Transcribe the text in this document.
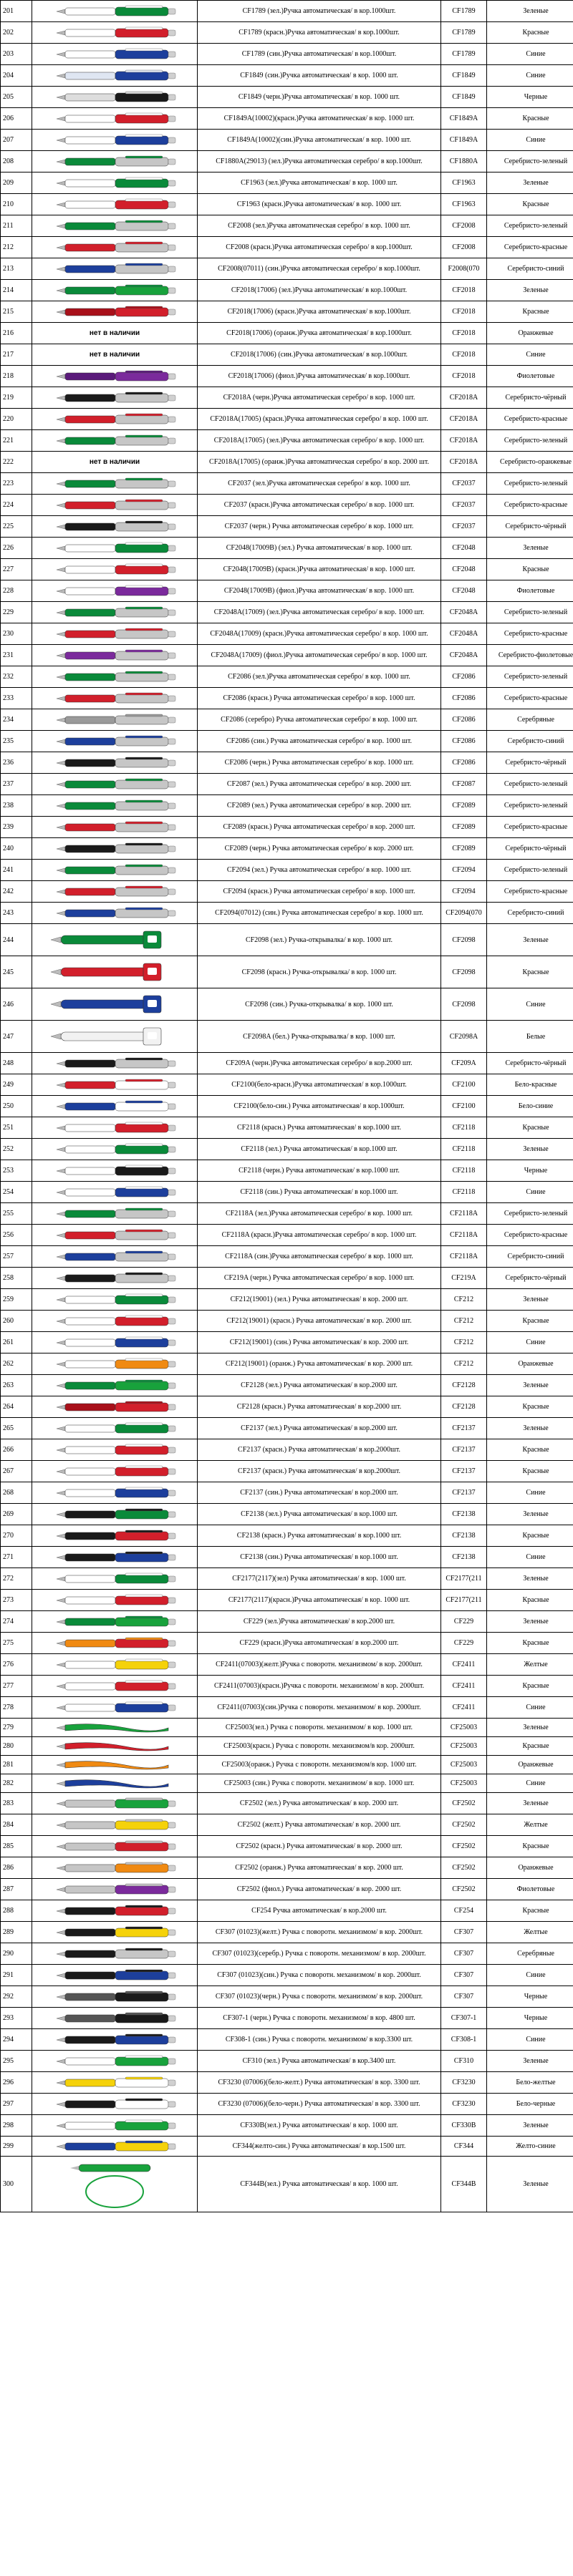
201		CF1789 (зел.)Ручка автоматическая/ в кор.1000шт.	CF1789	Зеленые
202		CF1789 (красн.)Ручка автоматическая/ в кор.1000шт.	CF1789	Красные
203		CF1789 (син.)Ручка автоматическая/ в кор.1000шт.	CF1789	Синие
204		CF1849 (син.)Ручка автоматическая/ в кор. 1000 шт.	CF1849	Синие
205		CF1849 (черн.)Ручка автоматическая/ в кор. 1000 шт.	CF1849	Черные
206		CF1849A(10002)(красн.)Ручка автоматическая/ в кор. 1000 шт.	CF1849A	Красные
207		CF1849A(10002)(син.)Ручка автоматическая/ в кор. 1000 шт.	CF1849A	Синие
208		CF1880A(29013) (зел.)Ручка автоматическая серебро/ в кор.1000шт.	CF1880A	Серебристо-зеленый
209		CF1963 (зел.)Ручка автоматическая/ в кор. 1000 шт.	CF1963	Зеленые
210		CF1963 (красн.)Ручка автоматическая/ в кор. 1000 шт.	CF1963	Красные
211		CF2008 (зел.)Ручка автоматическая серебро/ в кор. 1000 шт.	CF2008	Серебристо-зеленый
212		CF2008 (красн.)Ручка автоматическая серебро/ в кор.1000шт.	CF2008	Серебристо-красные
213		CF2008(07011) (син.)Ручка автоматическая серебро/ в кор.1000шт.	F2008(070	Серебристо-синий
214		CF2018(17006) (зел.)Ручка автоматическая/ в кор.1000шт.	CF2018	Зеленые
215		CF2018(17006) (красн.)Ручка автоматическая/ в кор.1000шт.	CF2018	Красные
216	нет в наличии	CF2018(17006) (оранж.)Ручка автоматическая/ в кор.1000шт.	CF2018	Оранжевые
217	нет в наличии	CF2018(17006) (син.)Ручка автоматическая/ в кор.1000шт.	CF2018	Синие
218		CF2018(17006) (фиол.)Ручка автоматическая/ в кор.1000шт.	CF2018	Фиолетовые
219		CF2018A (черн.)Ручка автоматическая серебро/ в кор. 1000 шт.	CF2018A	Серебристо-чёрный
220		CF2018A(17005) (красн.)Ручка автоматическая серебро/ в кор. 1000 шт.	CF2018A	Серебристо-красные
221		CF2018A(17005) (зел.)Ручка автоматическая серебро/ в кор. 1000 шт.	CF2018A	Серебристо-зеленый
222	нет в наличии	CF2018A(17005) (оранж.)Ручка автоматическая серебро/ в кор. 2000 шт.	CF2018A	Серебристо-оранжевые
223		CF2037 (зел.)Ручка автоматическая серебро/ в кор. 1000 шт.	CF2037	Серебристо-зеленый
224		CF2037 (красн.)Ручка автоматическая серебро/ в кор. 1000 шт.	CF2037	Серебристо-красные
225		CF2037 (черн.) Ручка автоматическая серебро/ в кор. 1000 шт.	CF2037	Серебристо-чёрный
226		CF2048(17009B) (зел.) Ручка автоматическая/ в кор. 1000 шт.	CF2048	Зеленые
227		CF2048(17009B) (красн.)Ручка автоматическая/ в кор. 1000 шт.	CF2048	Красные
228		CF2048(17009B) (фиол.)Ручка автоматическая/ в кор. 1000 шт.	CF2048	Фиолетовые
229		CF2048A(17009) (зел.)Ручка автоматическая серебро/ в кор. 1000 шт.	CF2048A	Серебристо-зеленый
230		CF2048A(17009) (красн.)Ручка автоматическая серебро/ в кор. 1000 шт.	CF2048A	Серебристо-красные
231		CF2048A(17009) (фиол.)Ручка автоматическая серебро/ в кор. 1000 шт.	CF2048A	Серебристо-фиолетовые
232		CF2086 (зел.)Ручка автоматическая серебро/ в кор. 1000 шт.	CF2086	Серебристо-зеленый
233		CF2086 (красн.) Ручка автоматическая серебро/ в кор. 1000 шт.	CF2086	Серебристо-красные
234		CF2086 (серебро) Ручка автоматическая серебро/ в кор. 1000 шт.	CF2086	Серебряные
235		CF2086 (син.) Ручка автоматическая серебро/ в кор. 1000 шт.	CF2086	Серебристо-синий
236		CF2086 (черн.) Ручка автоматическая серебро/ в кор. 1000 шт.	CF2086	Серебристо-чёрный
237		CF2087 (зел.) Ручка автоматическая серебро/ в кор. 2000 шт.	CF2087	Серебристо-зеленый
238		CF2089 (зел.) Ручка автоматическая серебро/ в кор. 2000 шт.	CF2089	Серебристо-зеленый
239		CF2089 (красн.) Ручка автоматическая серебро/ в кор. 2000 шт.	CF2089	Серебристо-красные
240		CF2089 (черн.) Ручка автоматическая серебро/ в кор. 2000 шт.	CF2089	Серебристо-чёрный
241		CF2094 (зел.) Ручка автоматическая серебро/ в кор. 1000 шт.	CF2094	Серебристо-зеленый
242		CF2094 (красн.) Ручка автоматическая серебро/ в кор. 1000 шт.	CF2094	Серебристо-красные
243		CF2094(07012) (син.) Ручка автоматическая серебро/ в кор. 1000 шт.	CF2094(070	Серебристо-синий
244		CF2098 (зел.) Ручка-открывалка/ в кор. 1000 шт.	CF2098	Зеленые
245		CF2098 (красн.) Ручка-открывалка/ в кор. 1000 шт.	CF2098	Красные
246		CF2098 (син.) Ручка-открывалка/ в кор. 1000 шт.	CF2098	Синие
247		CF2098A (бел.) Ручка-открывалка/ в кор. 1000 шт.	CF2098A	Белые
248		CF209A (черн.)Ручка автоматическая серебро/ в кор.2000 шт.	CF209A	Серебристо-чёрный
249		CF2100(бело-красн.)Ручка автоматическая/ в кор.1000шт.	CF2100	Бело-красные
250		CF2100(бело-син.) Ручка автоматическая/ в кор.1000шт.	CF2100	Бело-синие
251		CF2118 (красн.) Ручка автоматическая/ в кор.1000 шт.	CF2118	Красные
252		CF2118 (зел.) Ручка автоматическая/ в кор.1000 шт.	CF2118	Зеленые
253		CF2118 (черн.) Ручка автоматическая/ в кор.1000 шт.	CF2118	Черные
254		CF2118 (син.) Ручка автоматическая/ в кор.1000 шт.	CF2118	Синие
255		CF2118A (зел.)Ручка автоматическая серебро/ в кор. 1000 шт.	CF2118A	Серебристо-зеленый
256		CF2118A (красн.)Ручка автоматическая серебро/ в кор. 1000 шт.	CF2118A	Серебристо-красные
257		CF2118A (син.)Ручка автоматическая серебро/ в кор. 1000 шт.	CF2118A	Серебристо-синий
258		CF219A (черн.) Ручка автоматическая серебро/ в кор. 1000 шт.	CF219A	Серебристо-чёрный
259		CF212(19001) (зел.) Ручка автоматическая/ в кор. 2000 шт.	CF212	Зеленые
260		CF212(19001) (красн.) Ручка автоматическая/ в кор. 2000 шт.	CF212	Красные
261		CF212(19001) (син.) Ручка автоматическая/ в кор. 2000 шт.	CF212	Синие
262		CF212(19001) (оранж.) Ручка автоматическая/ в кор. 2000 шт.	CF212	Оранжевые
263		CF2128 (зел.) Ручка автоматическая/ в кор.2000 шт.	CF2128	Зеленые
264		CF2128 (красн.) Ручка автоматическая/ в кор.2000 шт.	CF2128	Красные
265		CF2137 (зел.) Ручка автоматическая/ в кор.2000 шт.	CF2137	Зеленые
266		CF2137 (красн.) Ручка автоматическая/ в кор.2000шт.	CF2137	Красные
267		CF2137 (красн.) Ручка автоматическая/ в кор.2000шт.	CF2137	Красные
268		CF2137 (син.) Ручка автоматическая/ в кор.2000 шт.	CF2137	Синие
269		CF2138 (зел.) Ручка автоматическая/ в кор.1000 шт.	CF2138	Зеленые
270		CF2138 (красн.) Ручка автоматическая/ в кор.1000 шт.	CF2138	Красные
271		CF2138 (син.) Ручка автоматическая/ в кор.1000 шт.	CF2138	Синие
272		CF2177(2117)(зел) Ручка автоматическая/ в кор. 1000 шт.	CF2177(211	Зеленые
273		CF2177(2117)(красн.)Ручка автоматическая/ в кор. 1000 шт.	CF2177(211	Красные
274		CF229 (зел.)Ручка автоматическая/ в кор.2000 шт.	CF229	Зеленые
275		CF229 (красн.)Ручка автоматическая/ в кор.2000 шт.	CF229	Красные
276		CF2411(07003)(желт.)Ручка с поворотн. механизмом/ в кор. 2000шт.	CF2411	Желтые
277		CF2411(07003)(красн.)Ручка с поворотн. механизмом/ в кор. 2000шт.	CF2411	Красные
278		CF2411(07003)(син.)Ручка с поворотн. механизмом/ в кор. 2000шт.	CF2411	Синие
279		CF25003(зел.) Ручка с поворотн. механизмом/ в кор. 1000 шт.	CF25003	Зеленые
280		CF25003(красн.) Ручка с поворотн. механизмом/в кор. 2000шт.	CF25003	Красные
281		CF25003(оранж.) Ручка с поворотн. механизмом/в кор. 1000 шт.	CF25003	Оранжевые
282		CF25003 (син.) Ручка с поворотн. механизмом/ в кор. 1000 шт.	CF25003	Синие
283		CF2502 (зел.) Ручка автоматическая/ в кор. 2000 шт.	CF2502	Зеленые
284		CF2502 (желт.) Ручка автоматическая/ в кор. 2000 шт.	CF2502	Желтые
285		CF2502 (красн.) Ручка автоматическая/ в кор. 2000 шт.	CF2502	Красные
286		CF2502 (оранж.) Ручка автоматическая/ в кор. 2000 шт.	CF2502	Оранжевые
287		CF2502 (фиол.) Ручка автоматическая/ в кор. 2000 шт.	CF2502	Фиолетовые
288		CF254 Ручка автоматическая/ в кор.2000 шт.	CF254	Красные
289		CF307 (01023)(желт.) Ручка с поворотн. механизмом/ в кор. 2000шт.	CF307	Желтые
290		CF307 (01023)(серебр.) Ручка с поворотн. механизмом/ в кор. 2000шт.	CF307	Серебряные
291		CF307 (01023)(син.) Ручка с поворотн. механизмом/ в кор. 2000шт.	CF307	Синие
292		CF307 (01023)(черн.) Ручка с поворотн. механизмом/ в кор. 2000шт.	CF307	Черные
293		CF307-1 (черн.) Ручка с поворотн. механизмом/ в кор. 4800 шт.	CF307-1	Черные
294		CF308-1 (син.) Ручка с поворотн. механизмом/ в кор.3300 шт.	CF308-1	Синие
295		CF310 (зел.) Ручка автоматическая/ в кор.3400 шт.	CF310	Зеленые
296		CF3230 (07006)(бело-желт.) Ручка автоматическая/ в кор. 3300 шт.	CF3230	Бело-желтые
297		CF3230 (07006)(бело-черн.) Ручка автоматическая/ в кор. 3300 шт.	CF3230	Бело-черные
298		CF330B(зел.) Ручка автоматическая/ в кор. 1000 шт.	CF330B	Зеленые
299		CF344(желто-син.) Ручка автоматическая/ в кор.1500 шт.	CF344	Желто-синие
300		CF344B(зел.) Ручка автоматическая/ в кор. 1000 шт.	CF344B	Зеленые
